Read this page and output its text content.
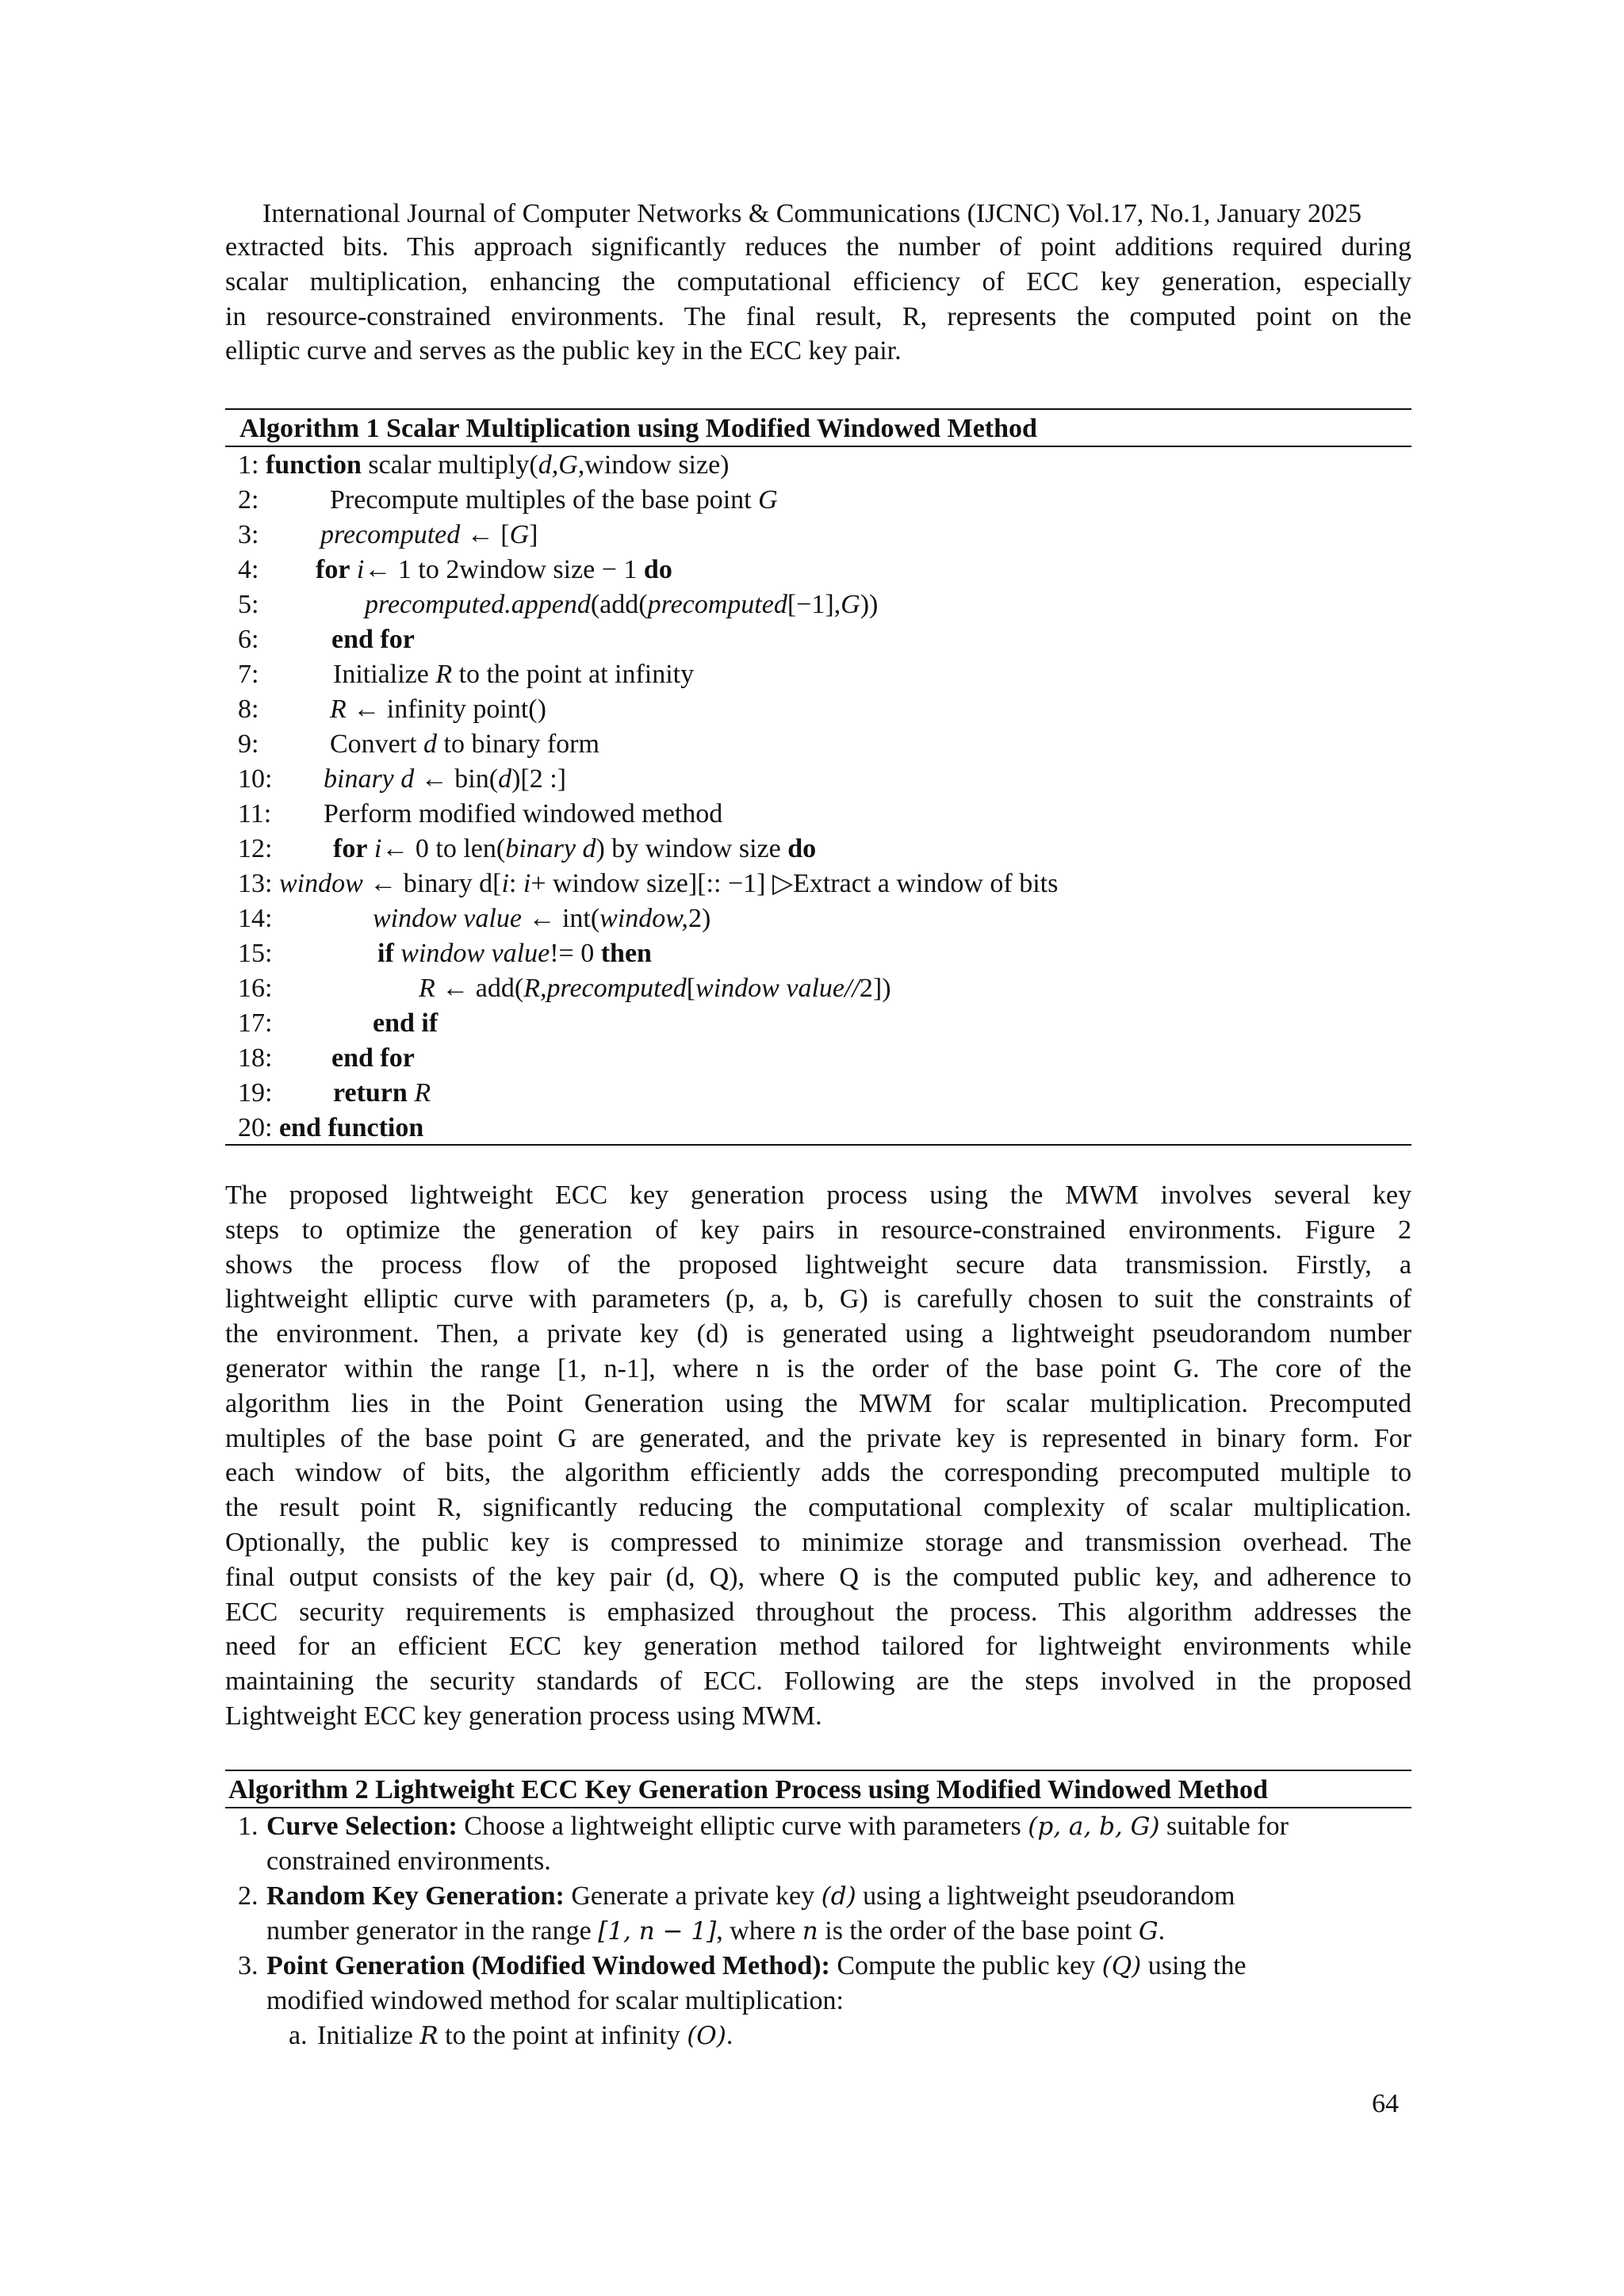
International Journal of Computer Networks & Communications (IJCNC) Vol.17, No.1, January 2025
extracted bits. This approach significantly reduces the number of point additions required during
scalar multiplication, enhancing the computational efficiency of ECC key generation, especially
in resource-constrained environments. The final result, R, represents the computed point on the
elliptic curve and serves as the public key in the ECC key pair.
Algorithm 1 Scalar Multiplication using Modified Windowed Method
1: function scalar multiply(d,G,window size)
2:	Precompute multiples of the base point G
3: precomputed ← [G]
4: for i← 1 to 2window size − 1 do
5:	precomputed.append(add(precomputed[−1],G))
6:	end for
7:	Initialize R to the point at infinity
8:	R ← infinity point()
9:	Convert d to binary form
10: binary d ← bin(d)[2 :]
11: Perform modified windowed method
12: for i← 0 to len(binary d) by window size do
13: window ← binary d[i: i+ window size][:: −1] ▷Extract a window of bits
14:	window value ← int(window,2)
15:	if window value!= 0 then
16:	R ← add(R,precomputed[window value//2])
17:	end if
18: end for
19: return R
20: end function
The proposed lightweight ECC key generation process using the MWM involves several key
steps to optimize the generation of key pairs in resource-constrained environments. Figure 2
shows the process flow of the proposed lightweight secure data transmission. Firstly, a
lightweight elliptic curve with parameters (p, a, b, G) is carefully chosen to suit the constraints of
the environment. Then, a private key (d) is generated using a lightweight pseudorandom number
generator within the range [1, n-1], where n is the order of the base point G. The core of the
algorithm lies in the Point Generation using the MWM for scalar multiplication. Precomputed
multiples of the base point G are generated, and the private key is represented in binary form. For
each window of bits, the algorithm efficiently adds the corresponding precomputed multiple to
the result point R, significantly reducing the computational complexity of scalar multiplication.
Optionally, the public key is compressed to minimize storage and transmission overhead. The
final output consists of the key pair (d, Q), where Q is the computed public key, and adherence to
ECC security requirements is emphasized throughout the process. This algorithm addresses the
need for an efficient ECC key generation method tailored for lightweight environments while
maintaining the security standards of ECC. Following are the steps involved in the proposed
Lightweight ECC key generation process using MWM.
Algorithm 2 Lightweight ECC Key Generation Process using Modified Windowed Method
1. Curve Selection: Choose a lightweight elliptic curve with parameters (p, a, b, G) suitable for
constrained environments.
2. Random Key Generation: Generate a private key (d) using a lightweight pseudorandom
number generator in the range [1, n − 1], where n is the order of the base point G.
3. Point Generation (Modified Windowed Method): Compute the public key (Q) using the
modified windowed method for scalar multiplication:
a. Initialize R to the point at infinity (O).
64
